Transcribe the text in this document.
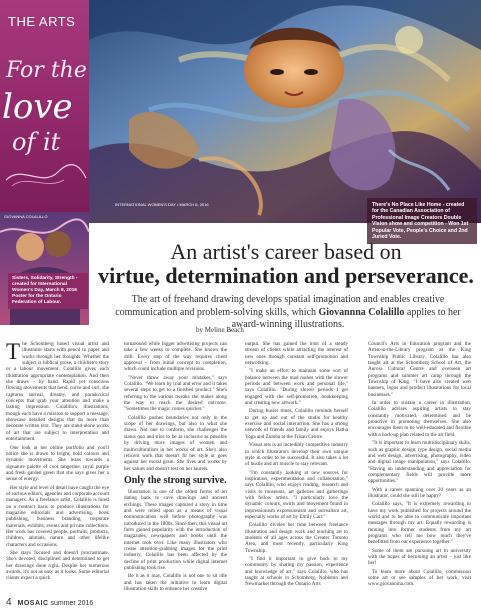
THE ARTS
For the
love
of it
INTERNATIONAL WOMEN'S DAY • MARCH 8, 2016
GIOVANNA COLALILLO
There's No Place Like Home - created for the Canadian Association of Professional Image Creators Double Vision show and competition - Won 1st Popular Vote, People's Choice and 2nd Juried Vote.
Sisters, Solidarity, Strength - created for International Women's Day, March 8, 2016 Poster for the Ontario Federation of Labour.
An artist's career based on
virtue, determination and perseverance.
The art of freehand drawing develops spatial imagination and enables creative communication and problem-solving skills, which Giovannna Colalillo applies to her award-winning illustrations.
by Meline Beach

The Schomberg based visual artist and illustrator starts with pencil to paper and works through her thoughts. Whether the subject is biblical prose, a children's story or a labour movement, Colalillo gives each illustration appropriate contemplation. And then she draws – by hand. Rapid yet conscious flowing movements that bend, curve and curl, she captures surreal, dreamy, and paradoxical concepts that grab your attention and make a lasting impression. Colalillo's illustrations, though each have a mission to support a message, showcase detailed designs that do more than decorate written text. They are stand-alone works of art that are subject to interpretation and entertainment.

One look at her online portfolio and you'll notice she is drawn to bright, bold colours and dynamic movements. She leans towards a signature palette of cool tangerine, royal purple and fresh garden green that she says gives her a sense of energy.

Her style and level of detail have caught the eye of various editors, agencies and corporate account managers. As a freelance artist, Colalillo is hired on a contract basis to produce illustrations for magazine editorials and advertising, book publishing, business branding, corporate materials, exhibits, events and private collections. Her work has covered people, portraits, products, children, animals, nature and other lifelike characters and occasions.

She stays focused and doesn't procrastinate. She's devoted, disciplined and determined to get her drawings done right. Despite her numerous awards, it's not as easy as it looks. Some editorial clients expect a quick

turnaround while bigger advertising projects can take a few weeks to complete. She knows the drill. Every step of the way requires client approval – from initial concept to completion, which could include multiple revisions.

"Never throw away your mistakes," says Colalillo. "We learn by trial and error and it takes several steps to get to a finished product." She's referring to the various tweaks she makes along the way to reach the desired outcome. "Sometimes the magic comes quicker."

Colalillo pushes boundaries not only in the scope of her drawings, but also in what she draws. Not one to conform, she challenges the status quo and tries to be as inclusive as possible by driving more images of women and multiculturalism in her works of art. She's also reticent work that doesn't fit her style or goes against her moral grain. She lives and works by her values and doesn't rest on her laurels.

Only the strong survive.

Illustration is one of the oldest forms of art dating back to cave drawings and ancient etchings. These images captured a story in time and were relied upon as a means of visual communication well before photography was introduced in the 1800s. Since then, this visual art form gained popularity with the introduction of magazines, newspapers and books until the internet took over. Like many illustrators who create attention-grabbing images for the print industry, Colalillo has been affected by the decline of print production while digital internet publishing took rise.

Be it as it may, Colalillo is not one to sit idle and has taken the initiative to learn digital illustration skills to enhance her creative

output. She has gained the trust of a steady stream of clients while attracting the interest of new ones through constant self-promotion and networking.

"I make an effort to maintain some sort of balance between the mad rushes with the slower periods and between work and personal life," says Colalillo. "During slower periods I get engaged with the self-promotion, bookkeeping and creating new artwork."

During busier times, Colalillo reminds herself to get up and out of the studio for healthy exercise and social interaction. She has a strong network of friends and family and enjoys Hatha Yoga and Zumba at the Trisan Centre.

Visual arts is an incredibly competitive industry in which illustrators develop their own unique style in order to be successful. It also takes a lot of hustle and art muscle to stay relevant.

"I'm constantly looking at new sources for inspiration, experimentation and collaboration," says Colalillo, who enjoys reading, research and visits to museums, art galleries and gatherings with fellow artists. "I particularly love the dynamic colours, swirls and movement found in impressionism expressionism and surrealism art, especially works of art by Emily Carr."

Colalillo divides her time between freelance illustration and design work and teaching art to students of all ages across the Greater Toronto Area, and most recently, particularly King Township.

"I find it important to give back to my community by sharing my passion, experience and knowledge of art," says Colalillo, who has taught at schools in Schomberg, Nobleton and Newmarket through the Ontario Arts

Council's Arts in Education program and the Artist-in-the-Library program at the King Township Public Library. Colalillo has also taught art at the Schomberg School of Art, the Aurora Cultural Centre and overseen art programs and summer art camp through the Township of King. "I have also created web banners, logos and product illustrations for local businesses."

In order to sustain a career in illustration, Colalillo advises aspiring artists to stay constantly motivated, determined and be proactive in promoting themselves. She also encourages them to be well-educated and flexible with a back-up plan related to the art field.

"It is important to learn multidisciplinary skills, such as graphic design, type design, social media and web design, advertising, photography, video and digital image manipulation," says Colalillo. "Having an understanding and appreciation for complementary fields will provide more opportunities."

With a career spanning over 30 years as an illustrator, could she still be happy?

Colalillo says, "It is extremely rewarding to have my work published for projects around the world and to be able to communicate important messages through my art. Equally rewarding is running into former students from my art programs who tell me how much they've benefitted from our experience together."

Some of them are pursuing art in university with the hopes of becoming an artist – just like her!

To learn more about Colalillo, commission some art or see samples of her work, visit www.giovannina.com.

4 MOSAIC summer 2016
